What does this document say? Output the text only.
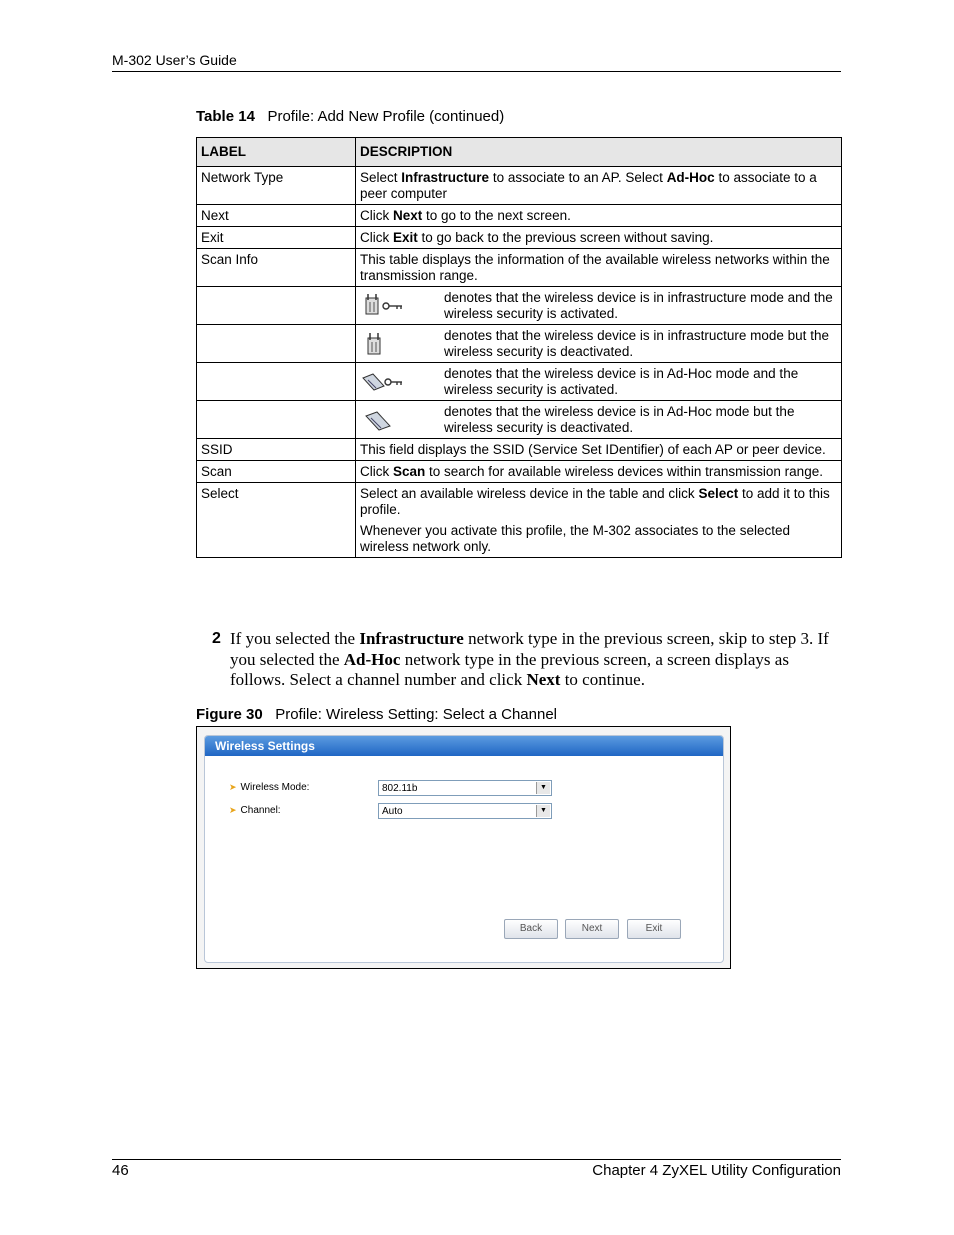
M-302 User’s Guide
Table 14 Profile: Add New Profile (continued)
LABEL	DESCRIPTION
Network Type	Select Infrastructure to associate to an AP. Select Ad-Hoc to associate to a peer computer
Next	Click Next to go to the next screen.
Exit	Click Exit to go back to the previous screen without saving.
Scan Info	This table displays the information of the available wireless networks within the transmission range.

	denotes that the wireless device is in infrastructure mode and the wireless security is activated.

	denotes that the wireless device is in infrastructure mode but the wireless security is deactivated.

	denotes that the wireless device is in Ad-Hoc mode and the wireless security is activated.

	denotes that the wireless device is in Ad-Hoc mode but the wireless security is deactivated.

SSID	This field displays the SSID (Service Set IDentifier) of each AP or peer device.
Scan	Click Scan to search for available wireless devices within transmission range.
Select	Select an available wireless device in the table and click Select to add it to this profile.
Whenever you activate this profile, the M-302 associates to the selected wireless network only.
2 If you selected the Infrastructure network type in the previous screen, skip to step 3. If you selected the Ad-Hoc network type in the previous screen, a screen displays as follows. Select a channel number and click Next to continue.
Figure 30 Profile: Wireless Setting: Select a Channel
Wireless Settings
➤ Wireless Mode:	802.11b	▼
➤ Channel:	Auto	▼
Back	Next	Exit
46	Chapter 4 ZyXEL Utility Configuration
